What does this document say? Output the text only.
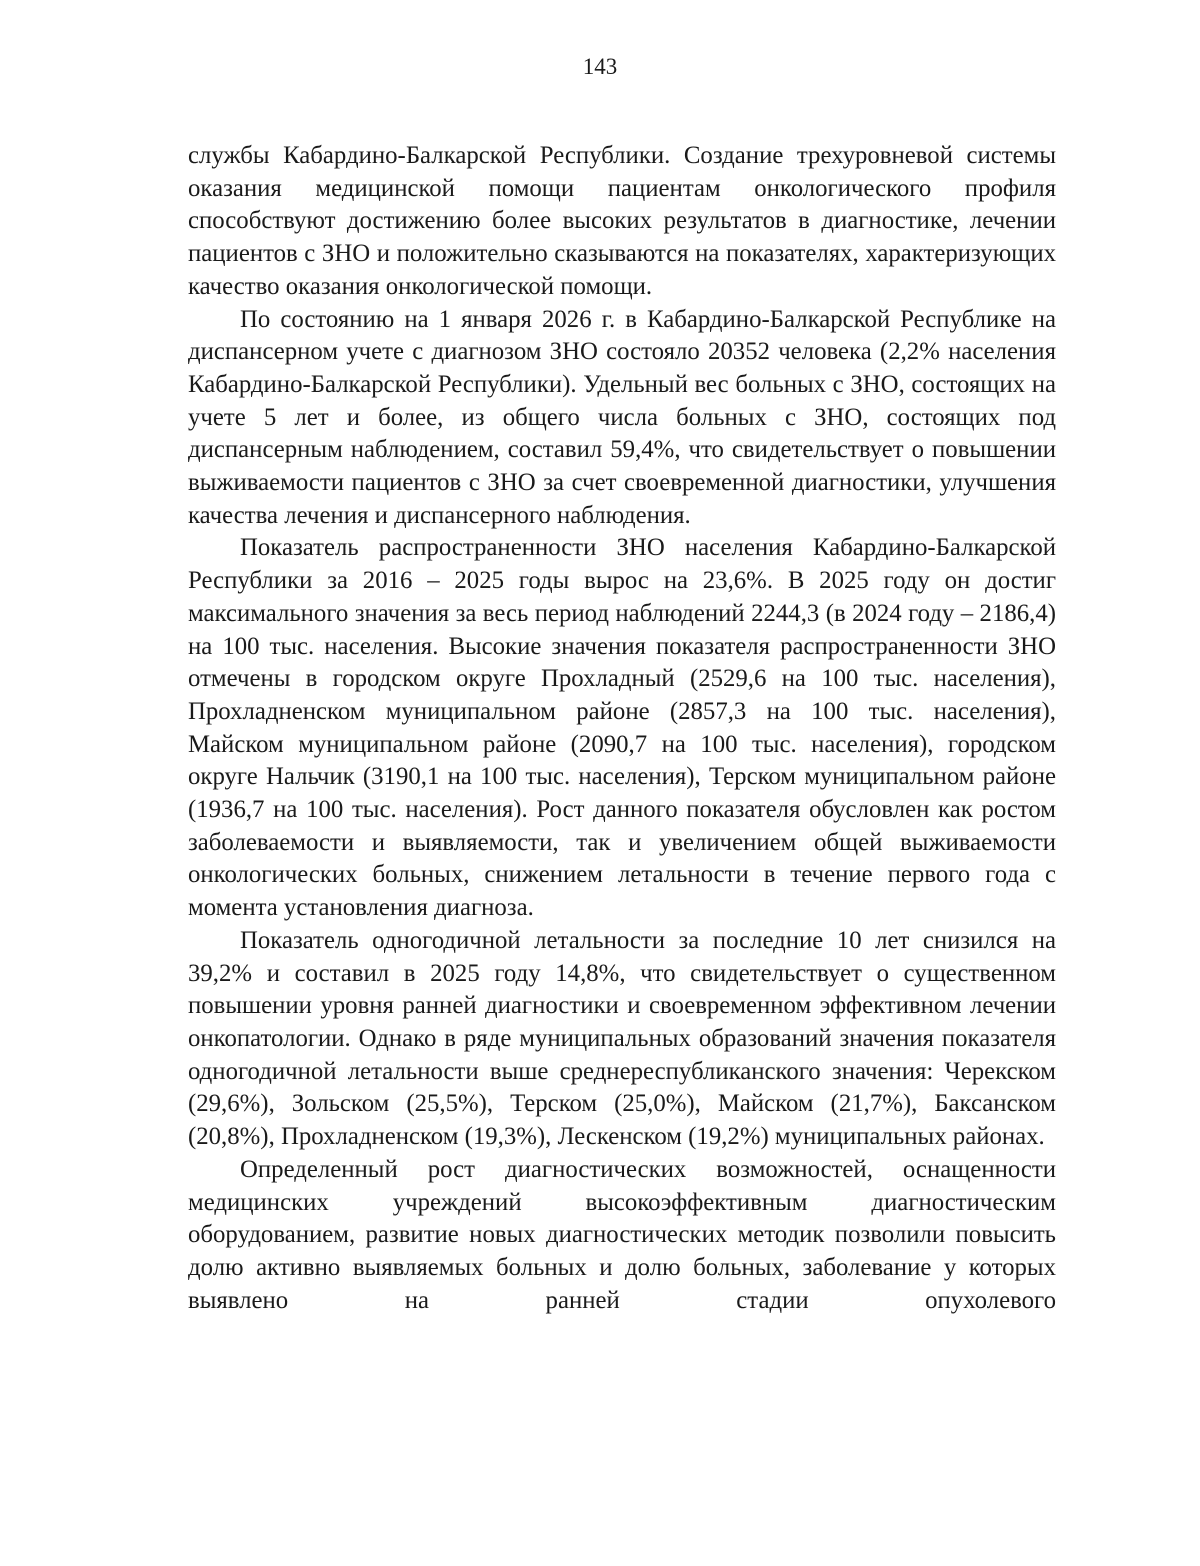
143

службы Кабардино-Балкарской Республики. Создание трехуровневой системы оказания медицинской помощи пациентам онкологического профиля способствуют достижению более высоких результатов в диагностике, лечении пациентов с ЗНО и положительно сказываются на показателях, характеризующих качество оказания онкологической помощи.

По состоянию на 1 января 2026 г. в Кабардино-Балкарской Республике на диспансерном учете с диагнозом ЗНО состояло 20352 человека (2,2% населения Кабардино-Балкарской Республики). Удельный вес больных с ЗНО, состоящих на учете 5 лет и более, из общего числа больных с ЗНО, состоящих под диспансерным наблюдением, составил 59,4%, что свидетельствует о повышении выживаемости пациентов с ЗНО за счет своевременной диагностики, улучшения качества лечения и диспансерного наблюдения.

Показатель распространенности ЗНО населения Кабардино-Балкарской Республики за 2016 – 2025 годы вырос на 23,6%. В 2025 году он достиг максимального значения за весь период наблюдений 2244,3 (в 2024 году – 2186,4) на 100 тыс. населения. Высокие значения показателя распространенности ЗНО отмечены в городском округе Прохладный (2529,6 на 100 тыс. населения), Прохладненском муниципальном районе (2857,3 на 100 тыс. населения), Майском муниципальном районе (2090,7 на 100 тыс. населения), городском округе Нальчик (3190,1 на 100 тыс. населения), Терском муниципальном районе (1936,7 на 100 тыс. населения). Рост данного показателя обусловлен как ростом заболеваемости и выявляемости, так и увеличением общей выживаемости онкологических больных, снижением летальности в течение первого года с момента установления диагноза.

Показатель одногодичной летальности за последние 10 лет снизился на 39,2% и составил в 2025 году 14,8%, что свидетельствует о существенном повышении уровня ранней диагностики и своевременном эффективном лечении онкопатологии. Однако в ряде муниципальных образований значения показателя одногодичной летальности выше среднереспубликанского значения: Черекском (29,6%), Зольском (25,5%), Терском (25,0%), Майском (21,7%), Баксанском (20,8%), Прохладненском (19,3%), Лескенском (19,2%) муниципальных районах.

Определенный рост диагностических возможностей, оснащенности медицинских учреждений высокоэффективным диагностическим оборудованием, развитие новых диагностических методик позволили повысить долю активно выявляемых больных и долю больных, заболевание у которых выявлено на ранней стадии опухолевого
